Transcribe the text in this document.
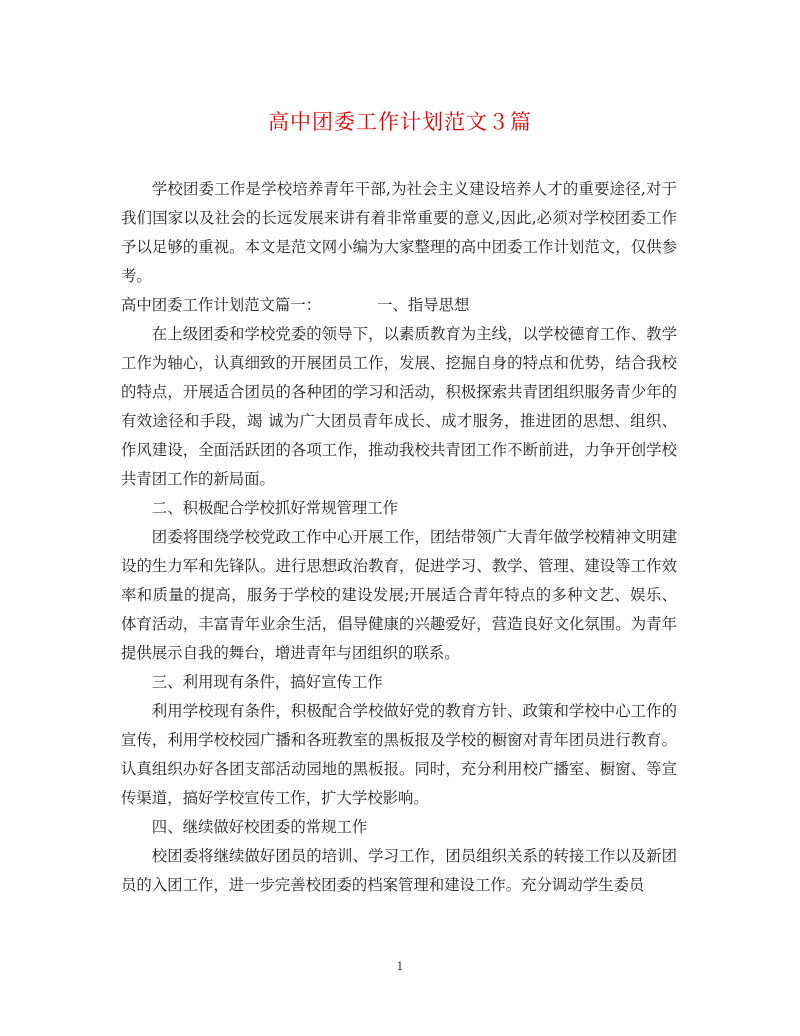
高中团委工作计划范文３篇

学校团委工作是学校培养青年干部,为社会主义建设培养人才的重要途径,对于我们国家以及社会的长远发展来讲有着非常重要的意义,因此,必须对学校团委工作予以足够的重视。本文是范文网小编为大家整理的高中团委工作计划范文，仅供参考。

高中团委工作计划范文篇一：	一、指导思想

在上级团委和学校党委的领导下，以素质教育为主线，以学校德育工作、教学工作为轴心，认真细致的开展团员工作，发展、挖掘自身的特点和优势，结合我校的特点，开展适合团员的各种团的学习和活动，积极探索共青团组织服务青少年的有效途径和手段，竭 诚为广大团员青年成长、成才服务，推进团的思想、组织、作风建设，全面活跃团的各项工作，推动我校共青团工作不断前进，力争开创学校共青团工作的新局面。

二、积极配合学校抓好常规管理工作

团委将围绕学校党政工作中心开展工作，团结带领广大青年做学校精神文明建设的生力军和先锋队。进行思想政治教育，促进学习、教学、管理、建设等工作效率和质量的提高，服务于学校的建设发展;开展适合青年特点的多种文艺、娱乐、体育活动，丰富青年业余生活，倡导健康的兴趣爱好，营造良好文化氛围。为青年提供展示自我的舞台，增进青年与团组织的联系。

三、利用现有条件，搞好宣传工作

利用学校现有条件，积极配合学校做好党的教育方针、政策和学校中心工作的宣传，利用学校校园广播和各班教室的黑板报及学校的橱窗对青年团员进行教育。认真组织办好各团支部活动园地的黑板报。同时，充分利用校广播室、橱窗、等宣传渠道，搞好学校宣传工作，扩大学校影响。

四、继续做好校团委的常规工作

校团委将继续做好团员的培训、学习工作，团员组织关系的转接工作以及新团员的入团工作，进一步完善校团委的档案管理和建设工作。充分调动学生委员

1
